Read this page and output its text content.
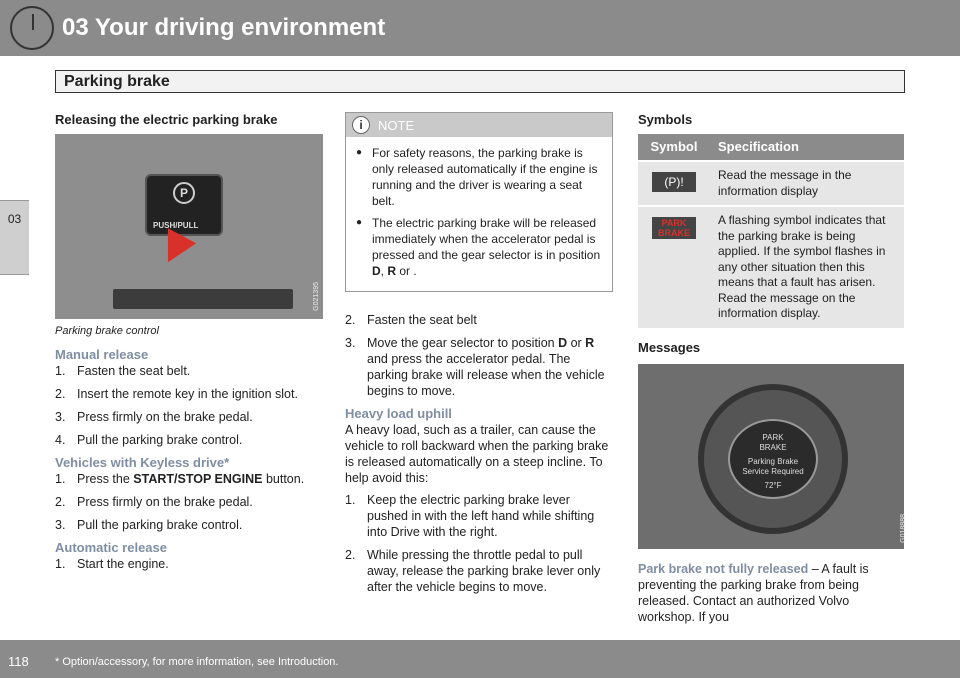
03 Your driving environment
Parking brake
03
Releasing the electric parking brake
P
PUSH/PULL
G021395
Parking brake control
Manual release
1. Fasten the seat belt.
2. Insert the remote key in the ignition slot.
3. Press firmly on the brake pedal.
4. Pull the parking brake control.
Vehicles with Keyless drive*
1. Press the START/STOP ENGINE button.
2. Press firmly on the brake pedal.
3. Pull the parking brake control.
Automatic release
1. Start the engine.
i	NOTE
● For safety reasons, the parking brake is only released automatically if the engine is running and the driver is wearing a seat belt.
● The electric parking brake will be released immediately when the accelerator pedal is pressed and the gear selector is in position D, R or .
2. Fasten the seat belt
3. Move the gear selector to position D or R and press the accelerator pedal. The parking brake will release when the vehicle begins to move.
Heavy load uphill

A heavy load, such as a trailer, can cause the vehicle to roll backward when the parking brake is released automatically on a steep incline. To help avoid this:

1. Keep the electric parking brake lever pushed in with the left hand while shifting into Drive with the right.
2. While pressing the throttle pedal to pull away, release the parking brake lever only after the vehicle begins to move.
Symbols
Symbol	Specification
(P)!	Read the message in the information display
PARK
BRAKE	A flashing symbol indicates that the parking brake is being applied. If the symbol flashes in any other situation then this means that a fault has arisen. Read the message on the information display.
Messages
PARK
BRAKE
Parking Brake
Service Required
72°F
G018888

Park brake not fully released – A fault is preventing the parking brake from being released. Contact an authorized Volvo workshop. If you

118 * Option/accessory, for more information, see Introduction.
